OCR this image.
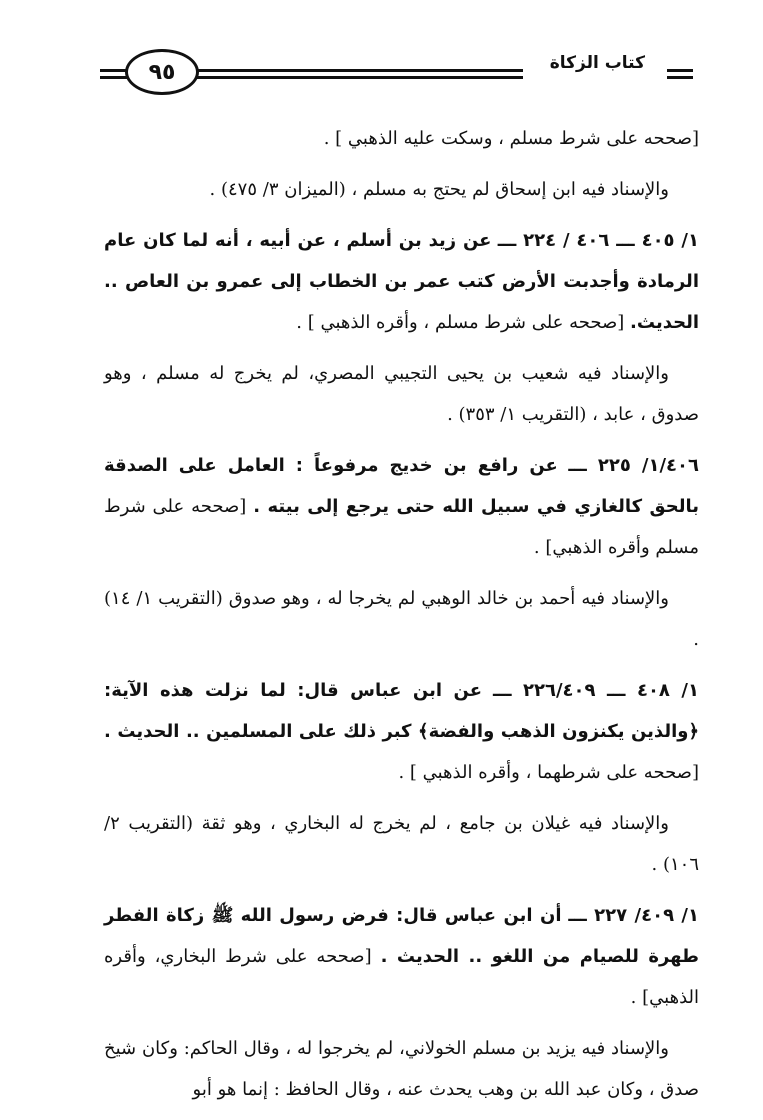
كتاب الزكاة
٩٥

[صححه على شرط مسلم ، وسكت عليه الذهبي ] .

والإسناد فيه ابن إسحاق لم يحتج به مسلم ، (الميزان ٣/ ٤٧٥) .

١/ ٤٠٥ ـــ ٤٠٦ / ٢٢٤ ـــ عن زيد بن أسلم ، عن أبيه ، أنه لما كان عام الرمادة وأجدبت الأرض كتب عمر بن الخطاب إلى عمرو بن العاص .. الحديث. [صححه على شرط مسلم ، وأقره الذهبي ] .

والإسناد فيه شعيب بن يحيى التجيبي المصري، لم يخرج له مسلم ، وهو صدوق ، عابد ، (التقريب ١/ ٣٥٣) .

١/٤٠٦/ ٢٢٥ ـــ عن رافع بن خديج مرفوعاً : العامل على الصدقة بالحق كالغازي في سبيل الله حتى يرجع إلى بيته . [صححه على شرط مسلم وأقره الذهبي] .

والإسناد فيه أحمد بن خالد الوهبي لم يخرجا له ، وهو صدوق (التقريب ١/ ١٤) .

١/ ٤٠٨ ـــ ٢٢٦/٤٠٩ ـــ عن ابن عباس قال: لما نزلت هذه الآية: ﴿والذين يكنزون الذهب والفضة﴾ كبر ذلك على المسلمين .. الحديث . [صححه على شرطهما ، وأقره الذهبي ] .

والإسناد فيه غيلان بن جامع ، لم يخرج له البخاري ، وهو ثقة (التقريب ٢/ ١٠٦) .

١/ ٤٠٩/ ٢٢٧ ـــ أن ابن عباس قال: فرض رسول الله ﷺ زكاة الفطر طهرة للصيام من اللغو .. الحديث . [صححه على شرط البخاري، وأقره الذهبي] .

والإسناد فيه يزيد بن مسلم الخولاني، لم يخرجوا له ، وقال الحاكم: وكان شيخ صدق ، وكان عبد الله بن وهب يحدث عنه ، وقال الحافظ : إنما هو أبو
